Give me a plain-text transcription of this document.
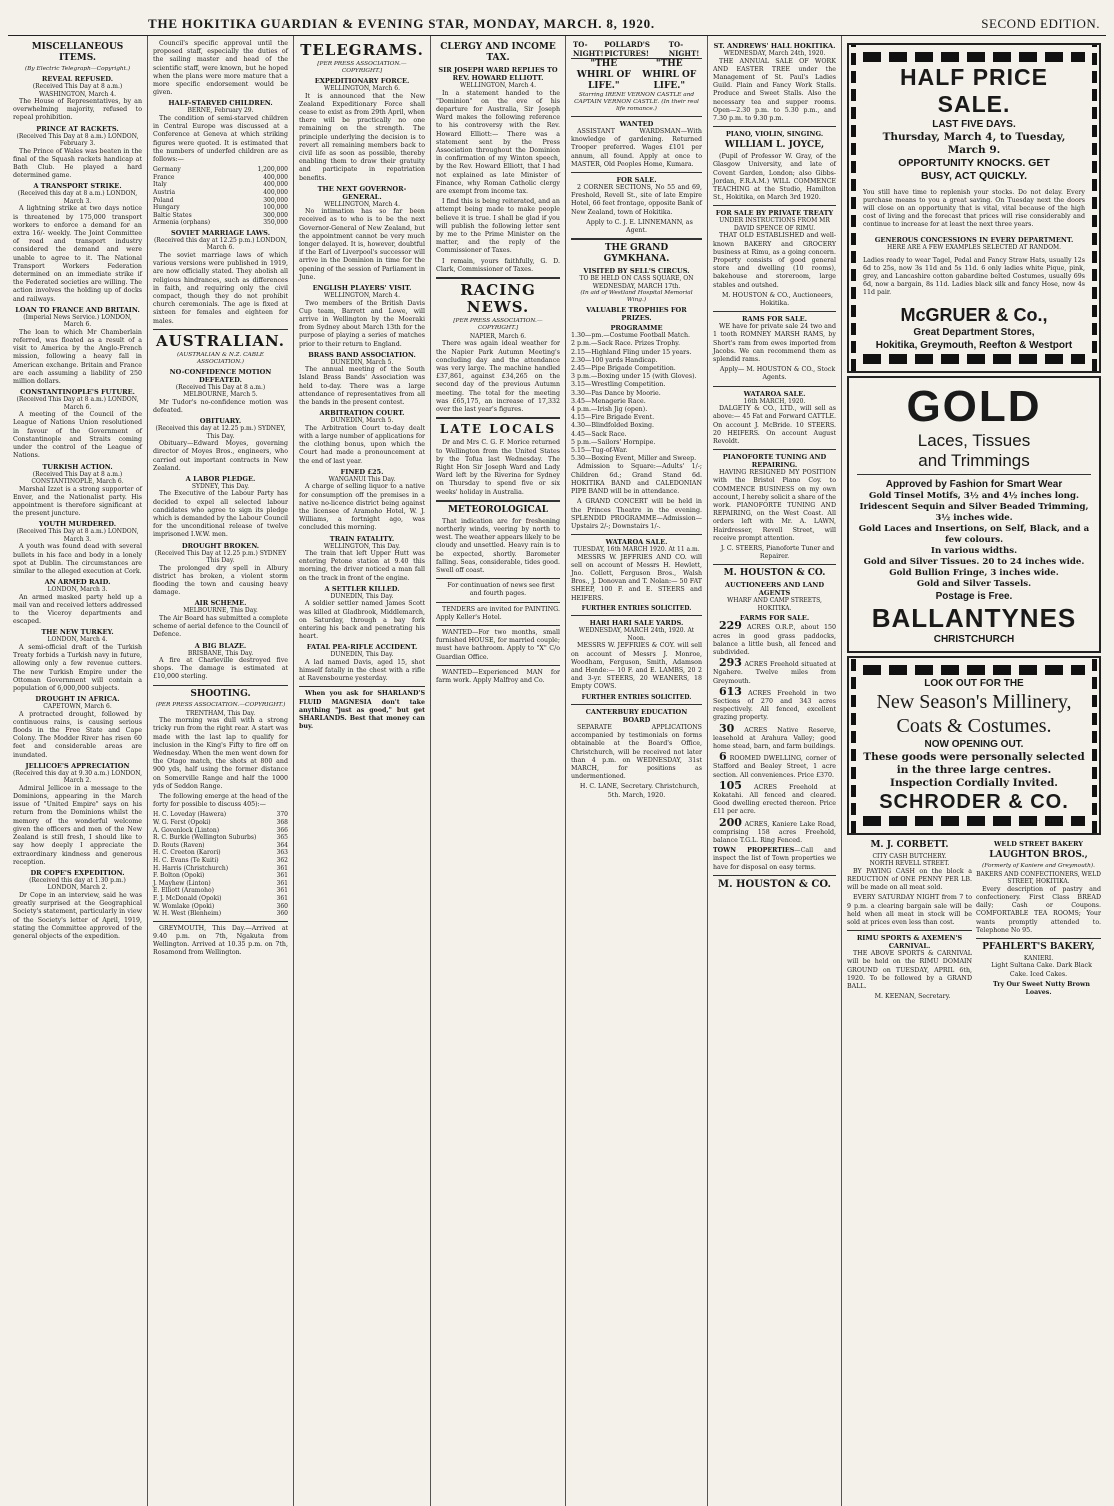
THE HOKITIKA GUARDIAN & EVENING STAR, MONDAY, MARCH. 8, 1920.	SECOND EDITION.
MISCELLANEOUS ITEMS.
(By Electric Telegraph—Copyright.)
REVEAL REFUSED.
(Received This Day at 8 a.m.) WASHINGTON, March 4.

The House of Representatives, by an overwhelming majority, refused to repeal prohibition.

PRINCE AT RACKETS.
(Received This Day at 8 a.m.) LONDON, February 3.

The Prince of Wales was beaten in the final of the Squash rackets handicap at Bath Club. He played a hard determined game.

A TRANSPORT STRIKE.
(Received this day at 8 a.m.) LONDON, March 3.

A lightning strike at two days notice is threatened by 175,000 transport workers to enforce a demand for an extra 16/- weekly. The Joint Committee of road and transport industry considered the demand and were unable to agree to it. The National Transport Workers Federation determined on an immediate strike if the Federated societies are willing. The action involves the holding up of docks and railways.

LOAN TO FRANCE AND BRITAIN.
(Imperial News Service.) LONDON, March 6.

The loan to which Mr Chamberlain referred, was floated as a result of a visit to America by the Anglo-French mission, following a heavy fall in American exchange. Britain and France are each assuming a liability of 250 million dollars.

CONSTANTINOPLE'S FUTURE.
(Received This Day at 8 a.m.) LONDON, March 6.

A meeting of the Council of the League of Nations Union resolutioned in favour of the Government of Constantinople and Straits coming under the control of the League of Nations.

TURKISH ACTION.
(Received This Day at 8 a.m.) CONSTANTINOPLE, March 6.

Marshal Izzet is a strong supporter of Enver, and the Nationalist party. His appointment is therefore significant at the present juncture.

YOUTH MURDERED.
(Received This Day at 8 a.m.) LONDON, March 3.

A youth was found dead with several bullets in his face and body in a lonely spot at Dublin. The circumstances are similar to the alleged execution at Cork.

AN ARMED RAID.
LONDON, March 3.

An armed masked party held up a mail van and received letters addressed to the Viceroy departments and escaped.

THE NEW TURKEY.
LONDON, March 4.

A semi-official draft of the Turkish Treaty forbids a Turkish navy in future, allowing only a few revenue cutters. The new Turkish Empire under the Ottoman Government will contain a population of 6,000,000 subjects.

DROUGHT IN AFRICA.
CAPETOWN, March 6.

A protracted drought, followed by continuous rains, is causing serious floods in the Free State and Cape Colony. The Modder River has risen 60 feet and considerable areas are inundated.

JELLICOE'S APPRECIATION
(Received this day at 9.30 a.m.) LONDON, March 2.

Admiral Jellicoe in a message to the Dominions, appearing in the March issue of "United Empire" says on his return from the Dominions whilst the memory of the wonderful welcome given the officers and men of the New Zealand is still fresh, I should like to say how deeply I appreciate the extraordinary kindness and generous reception.

DR COPE'S EXPEDITION.
(Received this day at 1.30 p.m.) LONDON, March 2.

Dr Cope in an interview, said he was greatly surprised at the Geographical Society's statement, particularly in view of the Society's letter of April, 1919, stating the Committee approved of the general objects of the expedition.

Council's specific approval until the proposed staff, especially the duties of the sailing master and head of the scientific staff, were known, but he hoped when the plans were more mature that a more specific endorsement would be given.

HALF-STARVED CHILDREN.
BERNE, February 29.

The condition of semi-starved children in Central Europe was discussed at a Conference at Geneva at which striking figures were quoted. It is estimated that the numbers of underfed children are as follows:—

Germany	1,200,000
France	400,000
Italy	400,000
Austria	400,000
Poland	300,000
Hungary	100,000
Baltic States	300,000
Armenia (orphans)	350,000
SOVIET MARRIAGE LAWS.
(Received this day at 12.25 p.m.) LONDON, March 6.

The soviet marriage laws of which various versions were published in 1919, are now officially stated. They abolish all religious hindrances, such as differences in faith, and requiring only the civil compact, though they do not prohibit church ceremonials. The age is fixed at sixteen for females and eighteen for males.

AUSTRALIAN.
(AUSTRALIAN & N.Z. CABLE ASSOCIATION.)
NO-CONFIDENCE MOTION DEFEATED.
(Received This Day at 8 a.m.) MELBOURNE, March 5.

Mr Tudor's no-confidence motion was defeated.

OBITUARY.
(Received this day at 12.25 p.m.) SYDNEY, This Day.

Obituary—Edward Moyes, governing director of Moyes Bros., engineers, who carried out important contracts in New Zealand.

A LABOR PLEDGE.
SYDNEY, This Day.

The Executive of the Labour Party has decided to expel all selected labour candidates who agree to sign its pledge which is demanded by the Labour Council for the unconditional release of twelve imprisoned I.W.W. men.

DROUGHT BROKEN.
(Received This Day at 12.25 p.m.) SYDNEY This Day.

The prolonged dry spell in Albury district has broken, a violent storm flooding the town and causing heavy damage.

AIR SCHEME.
MELBOURNE, This Day.

The Air Board has submitted a complete scheme of aerial defence to the Council of Defence.

A BIG BLAZE.
BRISBANE, This Day.

A fire at Charleville destroyed five shops. The damage is estimated at £10,000 sterling.

SHOOTING.
(PER PRESS ASSOCIATION.—COPYRIGHT.)
TRENTHAM, This Day.

The morning was dull with a strong tricky run from the right rear. A start was made with the last lap to qualify for inclusion in the King's Fifty to fire off on Wednesday. When the men went down for the Otago match, the shots at 800 and 900 yds, half using the former distance on Somerville Range and half the 1000 yds of Seddon Range.

The following emerge at the head of the forty for possible to discuss 405):—

H. C. Loveday (Hawera)	370
W. G. Ferst (Opoki)	368
A. Govenlock (Linton)	366
R. C. Burkle (Wellington Suburbs)	365
D. Routs (Raven)	364
H. C. Creeton (Karori)	363
H. C. Evans (Te Kuiti)	362
H. Harris (Christchurch)	361
F. Bolton (Opoki)	361
J. Mayhew (Linton)	361
E. Elliott (Aramoho)	361
F. J. McDonald (Opoki)	361
W. Womlake (Opoki)	360
W. H. West (Blenheim)	360

GREYMOUTH, This Day.—Arrived at 9.40 p.m. on 7th, Ngakuta from Wellington. Arrived at 10.35 p.m. on 7th, Rosamond from Wellington.

TELEGRAMS.
[PER PRESS ASSOCIATION.—COPYRIGHT.]
EXPEDITIONARY FORCE.
WELLINGTON, March 6.

It is announced that the New Zealand Expeditionary Force shall cease to exist as from 29th April, when there will be practically no one remaining on the strength. The principle underlying the decision is to revert all remaining members back to civil life as soon as possible, thereby enabling them to draw their gratuity and participate in repatriation benefits.

THE NEXT GOVERNOR-GENERAL.
WELLINGTON, March 4.

No intimation has so far been received as to who is to be the next Governor-General of New Zealand, but the appointment cannot be very much longer delayed. It is, however, doubtful if the Earl of Liverpool's successor will arrive in the Dominion in time for the opening of the session of Parliament in June.

ENGLISH PLAYERS' VISIT.
WELLINGTON, March 4.

Two members of the British Davis Cup team, Barrett and Lowe, will arrive in Wellington by the Moeraki from Sydney about March 13th for the purpose of playing a series of matches prior to their return to England.

BRASS BAND ASSOCIATION.
DUNEDIN, March 5.

The annual meeting of the South Island Brass Bands' Association was held to-day. There was a large attendance of representatives from all the bands in the present contest.

ARBITRATION COURT.
DUNEDIN, March 5.

The Arbitration Court to-day dealt with a large number of applications for the clothing bonus, upon which the Court had made a pronouncement at the end of last year.

FINED £25.
WANGANUI This Day.

A charge of selling liquor to a native for consumption off the premises in a native no-licence district being against the licensee of Aramoho Hotel, W. J. Williams, a fortnight ago, was concluded this morning.

TRAIN FATALITY.
WELLINGTON, This Day.

The train that left Upper Hutt was entering Petone station at 9.40 this morning, the driver noticed a man fall on the track in front of the engine.

A SETTLER KILLED.
DUNEDIN, This Day.

A soldier settler named James Scott was killed at Gladbrook, Middlemarch, on Saturday, through a bay fork entering his back and penetrating his heart.

FATAL PEA-RIFLE ACCIDENT.
DUNEDIN, This Day.

A lad named Davis, aged 15, shot himself fatally in the chest with a rifle at Ravensbourne yesterday.

When you ask for SHARLAND'S FLUID MAGNESIA don't take anything "just as good," but get SHARLANDS. Best that money can buy.

CLERGY AND INCOME TAX.
SIR JOSEPH WARD REPLIES TO REV. HOWARD ELLIOTT.
WELLINGTON, March 4.

In a statement handed to the "Dominion" on the eve of his departure for Australia, Sir Joseph Ward makes the following reference to his controversy with the Rev. Howard Elliott:— There was a statement sent by the Press Association throughout the Dominion in confirmation of my Winton speech, by the Rev. Howard Elliott, that I had not explained as late Minister of Finance, why Roman Catholic clergy are exempt from income tax.

I find this is being reiterated, and an attempt being made to make people believe it is true. I shall be glad if you will publish the following letter sent by me to the Prime Minister on the matter, and the reply of the Commissioner of Taxes.

I remain, yours faithfully, G. D. Clark, Commissioner of Taxes.

RACING NEWS.
[PER PRESS ASSOCIATION.—COPYRIGHT.]
NAPIER, March 6.

There was again ideal weather for the Napier Park Autumn Meeting's concluding day and the attendance was very large. The machine handled £37,861, against £34,265 on the second day of the previous Autumn meeting. The total for the meeting was £65,175, an increase of 17,332 over the last year's figures.

LATE LOCALS

Dr and Mrs C. G. F. Morice returned to Wellington from the United States by the Tofua last Wednesday. The Right Hon Sir Joseph Ward and Lady Ward left by the Riverina for Sydney on Thursday to spend five or six weeks' holiday in Australia.

METEOROLOGICAL

That indication are for freshening northerly winds, veering by north to west. The weather appears likely to be cloudy and unsettled. Heavy rain is to be expected, shortly. Barometer falling. Seas, considerable, tides good. Swell off coast.

For continuation of news see first and fourth pages.

TENDERS are invited for PAINTING. Apply Keller's Hotel.

WANTED—For two months, small furnished HOUSE, for married couple; must have bathroom. Apply to "X" C/o Guardian Office.

WANTED—Experienced MAN for farm work. Apply Malfroy and Co.

TO-NIGHT!
POLLARD'S PICTURES!
TO-NIGHT!
"THE WHIRL OF LIFE."
"THE WHIRL OF LIFE."
Starring IRENE VERNON CASTLE and CAPTAIN VERNON CASTLE. (In their real life romance.)
WANTED

ASSISTANT WARDSMAN—With knowledge of gardening. Returned Trooper preferred. Wages £101 per annum, all found. Apply at once to MASTER, Old Peoples Home, Kumara.

FOR SALE.

2 CORNER SECTIONS, No 55 and 69, Freshold, Revell St., site of late Empire Hotel, 66 feet frontage, opposite Bank of New Zealand, town of Hokitika.

Apply to C. J. E. LINNEMANN, as Agent.

THE GRAND GYMKHANA.
VISITED BY SELL'S CIRCUS.
TO BE HELD ON CASS SQUARE, ON WEDNESDAY, MARCH 17th.
(In aid of Westland Hospital Memorial Wing.)
VALUABLE TROPHIES FOR PRIZES.
PROGRAMME
1.30—pm.—Costume Football Match.
2 p.m.—Sack Race. Prizes Trophy.
2.15—Highland Fling under 15 years.
2.30—100 yards Handicap.
2.45—Pipe Brigade Competition.
3 p.m.—Boxing under 15 (with Gloves).
3.15—Wrestling Competition.
3.30—Pas Dance by Moorie.
3.45—Menagerie Race.
4 p.m.—Irish Jig (open).
4.15—Fire Brigade Event.
4.30—Blindfolded Boxing.
4.45—Sack Race.
5 p.m.—Sailors' Hornpipe.
5.15—Tug-of-War.
5.30—Boxing Event, Miller and Sweep.

Admission to Square:—Adults' 1/-; Children 6d.; Grand Stand 6d. HOKITIKA BAND and CALEDONIAN PIPE BAND will be in attendance.

A GRAND CONCERT will be held in the Princes Theatre in the evening. SPLENDID PROGRAMME—Admission—Upstairs 2/-; Downstairs 1/-.

WATAROA SALE.
TUESDAY, 16th MARCH 1920. At 11 a.m.

MESSRS W. JEFFRIES AND CO. will sell on account of Messrs H. Hewlett, Jno. Collett, Ferguson Bros., Walsh Bros., J. Donovan and T. Nolan:— 50 FAT SHEEP, 100 F. and E. STEERS and HEIFERS.

FURTHER ENTRIES SOLICITED.
HARI HARI SALE YARDS.
WEDNESDAY, MARCH 24th, 1920. At Noon.

MESSRS W. JEFFRIES & COY. will sell on account of Messrs J. Monroe, Woodham, Ferguson, Smith, Adamson and Hende:— 10 F. and E. LAMBS, 20 2 and 3-yr. STEERS, 20 WEANERS, 18 Empty COWS.

FURTHER ENTRIES SOLICITED.
CANTERBURY EDUCATION BOARD

SEPARATE APPLICATIONS accompanied by testimonials on forms obtainable at the Board's Office, Christchurch, will be received not later than 4 p.m. on WEDNESDAY, 31st MARCH, for positions as undermentioned.

H. C. LANE, Secretary. Christchurch, 5th. March, 1920.

ST. ANDREWS' HALL HOKITIKA.
WEDNESDAY, March 24th, 1920.

THE ANNUAL SALE OF WORK AND EASTER TREE under the Management of St. Paul's Ladies Guild. Plain and Fancy Work Stalls. Produce and Sweet Stalls. Also the necessary tea and supper rooms. Open—2.30 p.m. to 5.30 p.m., and 7.30 p.m. to 9.30 p.m.

PIANO, VIOLIN, SINGING.
WILLIAM L. JOYCE,

(Pupil of Professor W. Gray, of the Glasgow University, and late of Covent Garden, London; also Gibbs-Jordan, F.R.A.M.) WILL COMMENCE TEACHING at the Studio, Hamilton St., Hokitika, on March 3rd 1920.

FOR SALE BY PRIVATE TREATY
UNDER INSTRUCTIONS FROM MR DAVID SPENCE OF RIMU.

THAT OLD ESTABLISHED and well-known BAKERY and GROCERY business at Rimu, as a going concern. Property consists of good general store and dwelling (10 rooms), bakehouse and storeroom, large stables and outshed.

M. HOUSTON & CO., Auctioneers, Hokitika.

RAMS FOR SALE.

WE have for private sale 24 two and 1 tooth ROMNEY MARSH RAMS, by Short's ram from ewes imported from Jacobs. We can recommend them as splendid rams.

Apply— M. HOUSTON & CO., Stock Agents.

WATAROA SALE.
16th MARCH, 1920.

DALGETY & CO., LTD., will sell as above:— 45 Fat and Forward CATTLE. On account J. McBride. 10 STEERS. 20 HEIFERS. On account August Revoldt.

PIANOFORTE TUNING AND REPAIRING.

HAVING RESIGNED MY POSITION with the Bristol Piano Coy. to COMMENCE BUSINESS on my own account, I hereby solicit a share of the work. PIANOFORTE TUNING AND REPAIRING, on the West Coast. All orders left with Mr. A. LAWN, Hairdresser, Revell Street, will receive prompt attention.

J. C. STEERS, Pianoforte Tuner and Repairer.

M. HOUSTON & CO.
AUCTIONEERS AND LAND AGENTS
WHARF AND CAMP STREETS, HOKITIKA.
FARMS FOR SALE.

229 ACRES O.R.P., about 150 acres in good grass paddocks, balance a little bush, all fenced and subdivided.

293 ACRES Freehold situated at Ngahere. Twelve miles from Greymouth.

613 ACRES Freehold in two Sections of 270 and 343 acres respectively. All fenced, excellent grazing property.

30 ACRES Native Reserve, leasehold at Arahura Valley; good home stead, barn, and farm buildings.

6 ROOMED DWELLING, corner of Stafford and Bealey Street, 1 acre section. All conveniences. Price £370.

105 ACRES Freehold at Kokatahi. All fenced and cleared. Good dwelling erected thereon. Price £11 per acre.

200 ACRES, Kaniere Lake Road, comprising 158 acres Freehold, balance T.G.L. Ring Fenced.

TOWN PROPERTIES—Call and inspect the list of Town properties we have for disposal on easy terms.
M. HOUSTON & CO.
HALF PRICE SALE.
LAST FIVE DAYS.
Thursday, March 4, to Tuesday, March 9.
OPPORTUNITY KNOCKS. GET
BUSY, ACT QUICKLY.

You still have time to replenish your stocks. Do not delay. Every purchase means to you a great saving. On Tuesday next the doors will close on an opportunity that is vital, vital because of the high cost of living and the forecast that prices will rise considerably and continue to increase for at least the next three years.

GENEROUS CONCESSIONS IN EVERY DEPARTMENT.
HERE ARE A FEW EXAMPLES SELECTED AT RANDOM.

Ladies ready to wear Tagel, Pedal and Fancy Straw Hats, usually 12s 6d to 25s, now 3s 11d and 5s 11d. 6 only ladies white Pique, pink, grey, and Lancashire cotton gabardine belted Costumes, usually 69s 6d, now a bargain, 8s 11d. Ladies black silk and fancy Hose, now 4s 11d pair.

McGRUER & Co.,
Great Department Stores,
Hokitika, Greymouth, Reefton & Westport
GOLD
Laces, Tissues
and Trimmings
Approved by Fashion for Smart Wear
Gold Tinsel Motifs, 3½ and 4½ inches long.
Iridescent Sequin and Silver Beaded Trimming, 3½ inches wide.
Gold Laces and Insertions, on Self, Black, and a few colours.
In various widths.
Gold and Silver Tissues. 20 to 24 inches wide.
Gold Bullion Fringe, 3 inches wide.
Gold and Silver Tassels.
Postage is Free.
BALLANTYNES
CHRISTCHURCH
LOOK OUT FOR THE
New Season's Millinery,
Coats & Costumes.
NOW OPENING OUT.
These goods were personally selected in the three large centres.
Inspection Cordially Invited.
SCHRODER & CO.
M. J. CORBETT.
CITY CASH BUTCHERY.
NORTH REVELL STREET.

BY PAYING CASH on the block a REDUCTION of ONE PENNY PER LB. will be made on all meat sold.

EVERY SATURDAY NIGHT from 7 to 9 p.m. a clearing bargain sale will be held when all meat in stock will be sold at prices even less than cost.

RIMU SPORTS & AXEMEN'S CARNIVAL.

THE ABOVE SPORTS & CARNIVAL will be held on the RIMU DOMAIN GROUND on TUESDAY, APRIL 6th, 1920. To be followed by a GRAND BALL.

M. KEENAN, Secretary.

WELD STREET BAKERY
LAUGHTON BROS.,
(Formerly of Kaniere and Greymouth).
BAKERS AND CONFECTIONERS, WELD STREET, HOKITIKA.

Every description of pastry and confectionery. First Class BREAD daily; Cash or Coupons. COMFORTABLE TEA ROOMS; Your wants promptly attended to. Telephone No 95.

PFAHLERT'S BAKERY,
KANIERI.

Light Sultana Cake. Dark Black Cake. Iced Cakes.

Try Our Sweet Nutty Brown Loaves.
